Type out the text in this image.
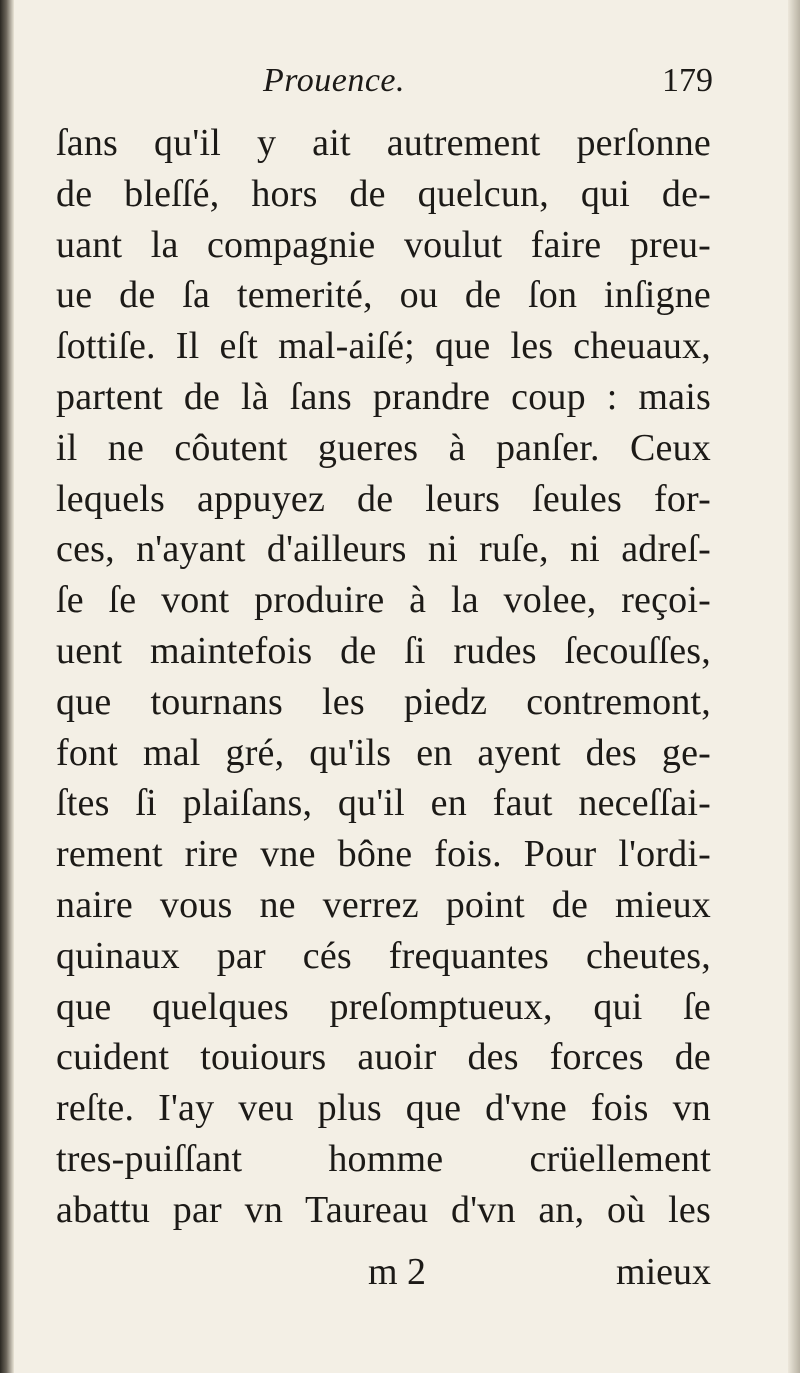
Prouence.	179
ſans qu'il y ait autrement perſonne
de bleſſé, hors de quelcun, qui de-
uant la compagnie voulut faire preu-
ue de ſa temerité, ou de ſon inſigne
ſottiſe. Il eſt mal-aiſé; que les cheuaux,
partent de là ſans prandre coup : mais
il ne côutent gueres à panſer. Ceux
lequels appuyez de leurs ſeules for-
ces, n'ayant d'ailleurs ni ruſe, ni adreſ-
ſe ſe vont produire à la volee, reçoi-
uent maintefois de ſi rudes ſecouſſes,
que tournans les piedz contremont,
font mal gré, qu'ils en ayent des ge-
ſtes ſi plaiſans, qu'il en faut neceſſai-
rement rire vne bône fois. Pour l'ordi-
naire vous ne verrez point de mieux
quinaux par cés frequantes cheutes,
que quelques preſomptueux, qui ſe
cuident touiours auoir des forces de
reſte. I'ay veu plus que d'vne fois vn
tres-puiſſant homme crüellement
abattu par vn Taureau d'vn an, où les
m 2	mieux
